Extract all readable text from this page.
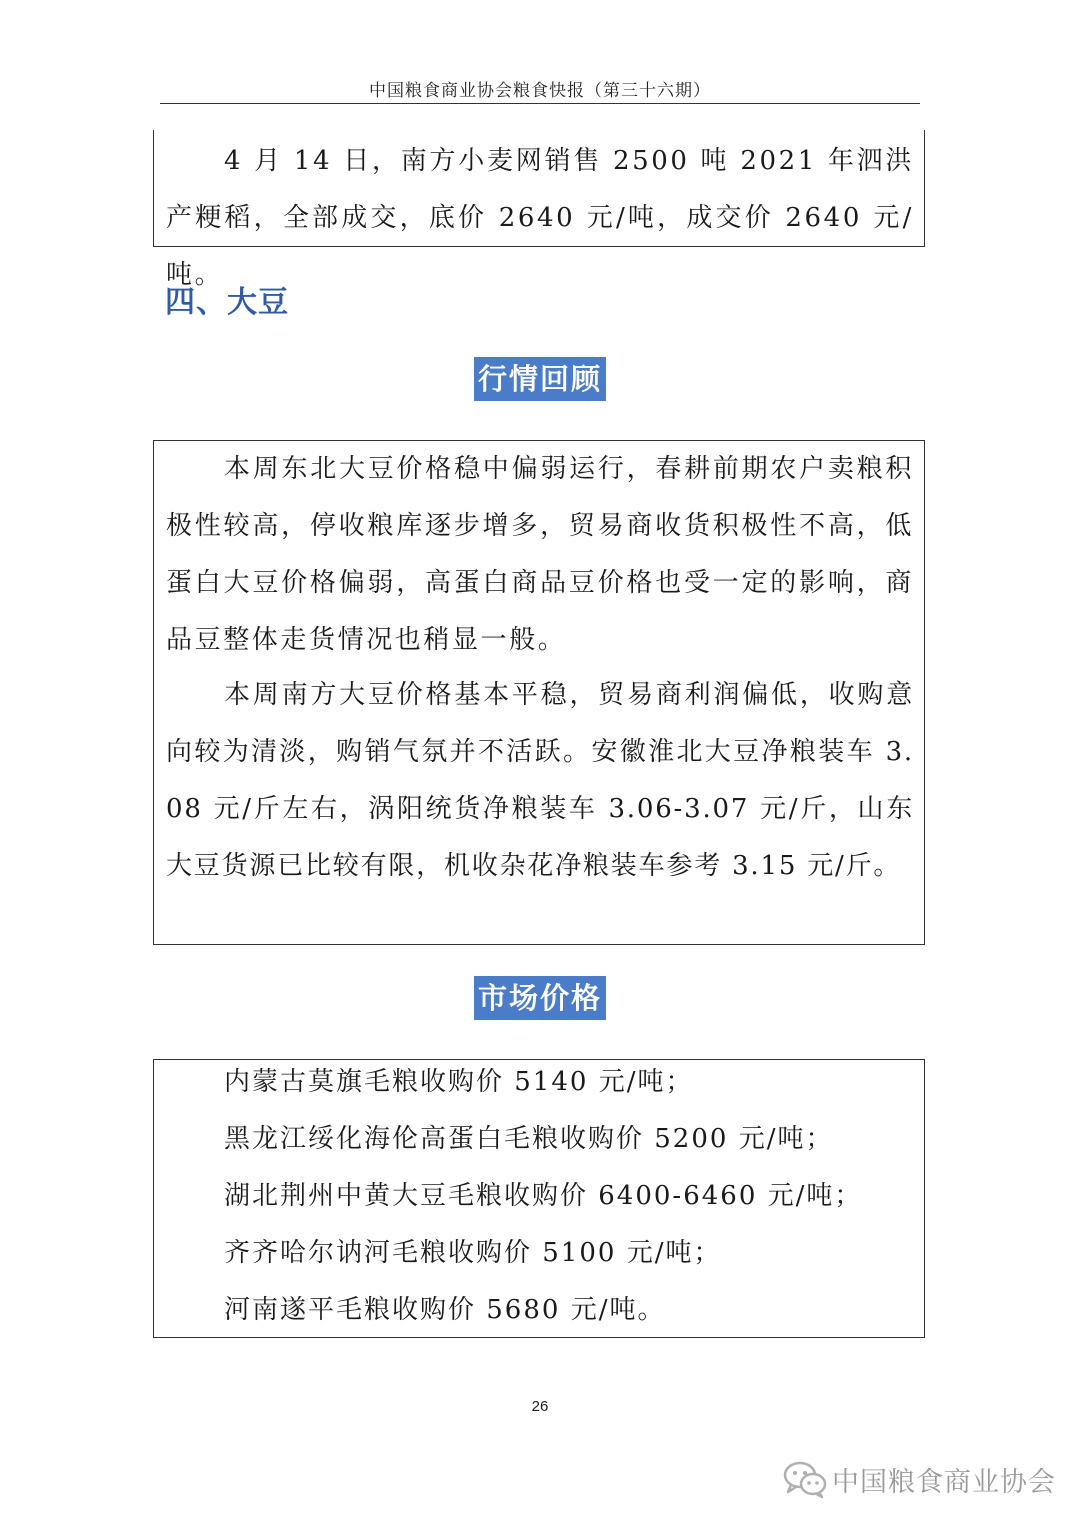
中国粮食商业协会粮食快报（第三十六期）

4 月 14 日，南方小麦网销售 2500 吨 2021 年泗洪产粳稻，全部成交，底价 2640 元/吨，成交价 2640 元/吨。

四、大豆
行情回顾

本周东北大豆价格稳中偏弱运行，春耕前期农户卖粮积极性较高，停收粮库逐步增多，贸易商收货积极性不高，低蛋白大豆价格偏弱，高蛋白商品豆价格也受一定的影响，商品豆整体走货情况也稍显一般。

本周南方大豆价格基本平稳，贸易商利润偏低，收购意向较为清淡，购销气氛并不活跃。安徽淮北大豆净粮装车 3.08 元/斤左右，涡阳统货净粮装车 3.06-3.07 元/斤，山东大豆货源已比较有限，机收杂花净粮装车参考 3.15 元/斤。

市场价格
内蒙古莫旗毛粮收购价 5140 元/吨；
黑龙江绥化海伦高蛋白毛粮收购价 5200 元/吨；
湖北荆州中黄大豆毛粮收购价 6400-6460 元/吨；
齐齐哈尔讷河毛粮收购价 5100 元/吨；
河南遂平毛粮收购价 5680 元/吨。
26
中国粮食商业协会
